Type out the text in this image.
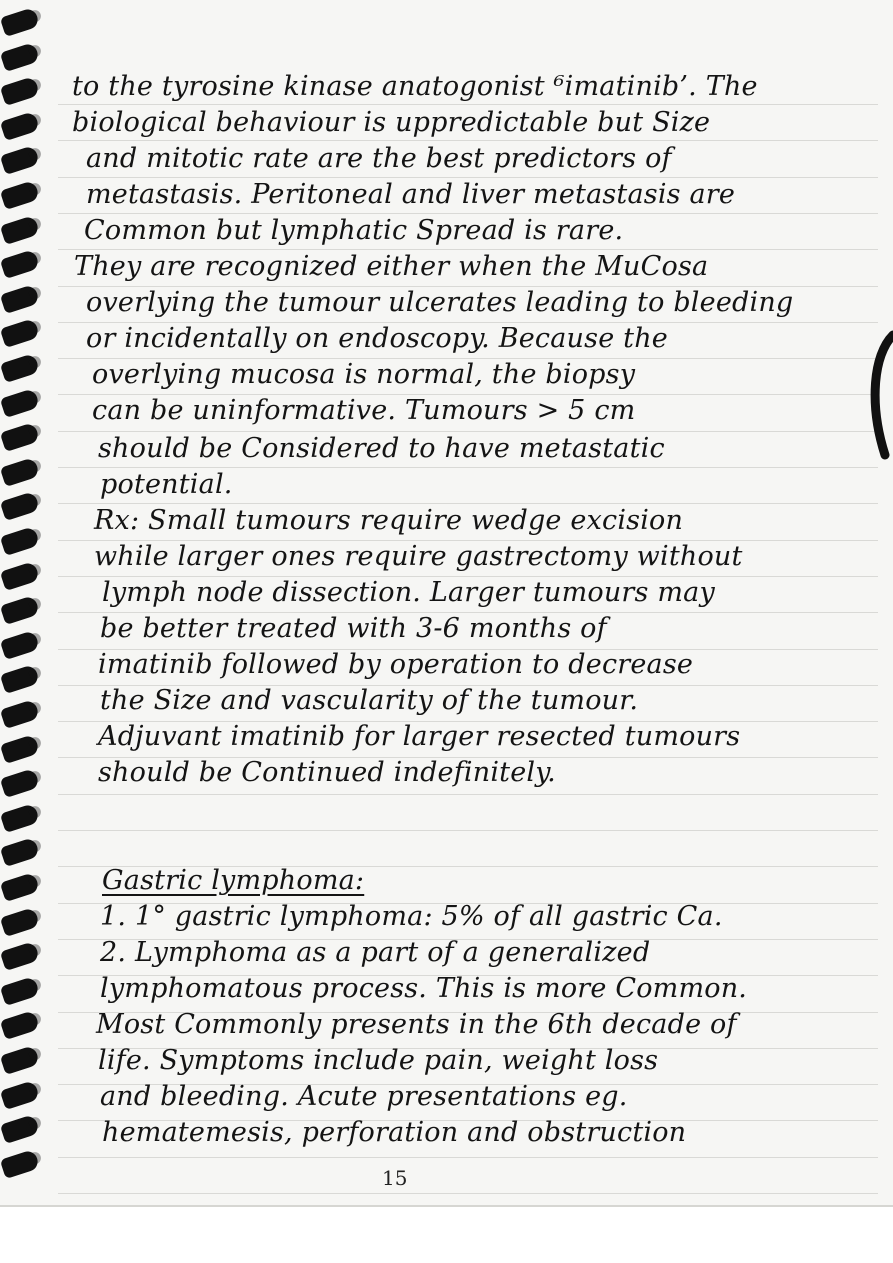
to the tyrosine kinase anatogonist ⁶imatinib’. The
biological behaviour is uppredictable but Size
and mitotic rate are the best predictors of
metastasis. Peritoneal and liver metastasis are
Common but lymphatic Spread is rare.
They are recognized either when the MuCosa
overlying the tumour ulcerates leading to bleeding
or incidentally on endoscopy. Because the
overlying mucosa is normal, the biopsy
can be uninformative. Tumours > 5 cm
should be Considered to have metastatic
potential.
Rx: Small tumours require wedge excision
while larger ones require gastrectomy without
lymph node dissection. Larger tumours may
be better treated with 3-6 months of
imatinib followed by operation to decrease
the Size and vascularity of the tumour.
Adjuvant imatinib for larger resected tumours
should be Continued indefinitely.
Gastric lymphoma:
1. 1° gastric lymphoma: 5% of all gastric Ca.
2. Lymphoma as a part of a generalized
lymphomatous process. This is more Common.
Most Commonly presents in the 6th decade of
life. Symptoms include pain, weight loss
and bleeding. Acute presentations eg.
hematemesis, perforation and obstruction
15
